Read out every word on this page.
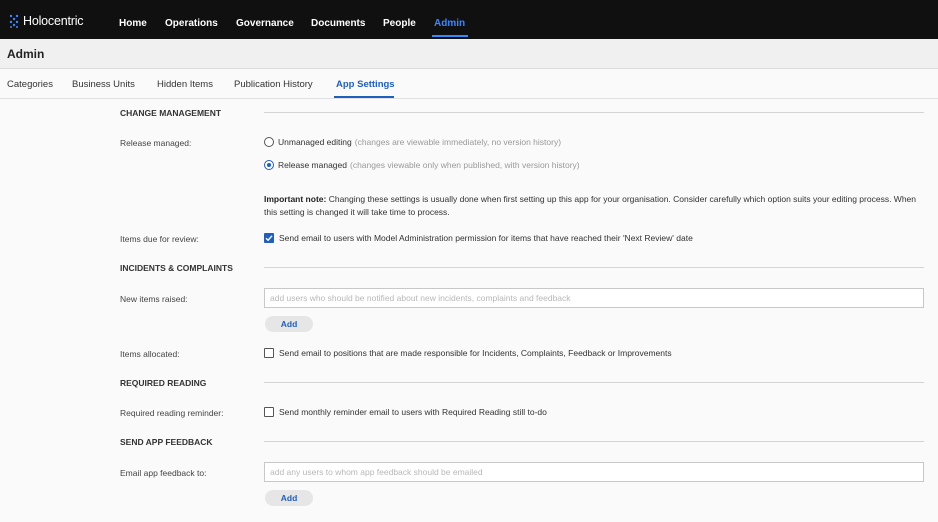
Holocentric	Home Operations Governance Documents People Admin
Admin
Categories Business Units Hidden Items Publication History App Settings
CHANGE MANAGEMENT
Release managed:	Unmanaged editing (changes are viewable immediately, no version history)
Release managed (changes viewable only when published, with version history)
Important note: Changing these settings is usually done when first setting up this app for your organisation. Consider carefully which option suits your editing process. When this setting is changed it will take time to process.
Items due for review:	Send email to users with Model Administration permission for items that have reached their 'Next Review' date
INCIDENTS & COMPLAINTS
New items raised:
add users who should be notified about new incidents, complaints and feedback
Add
Items allocated:	Send email to positions that are made responsible for Incidents, Complaints, Feedback or Improvements
REQUIRED READING
Required reading reminder:	Send monthly reminder email to users with Required Reading still to-do
SEND APP FEEDBACK
Email app feedback to:
add any users to whom app feedback should be emailed
Add
